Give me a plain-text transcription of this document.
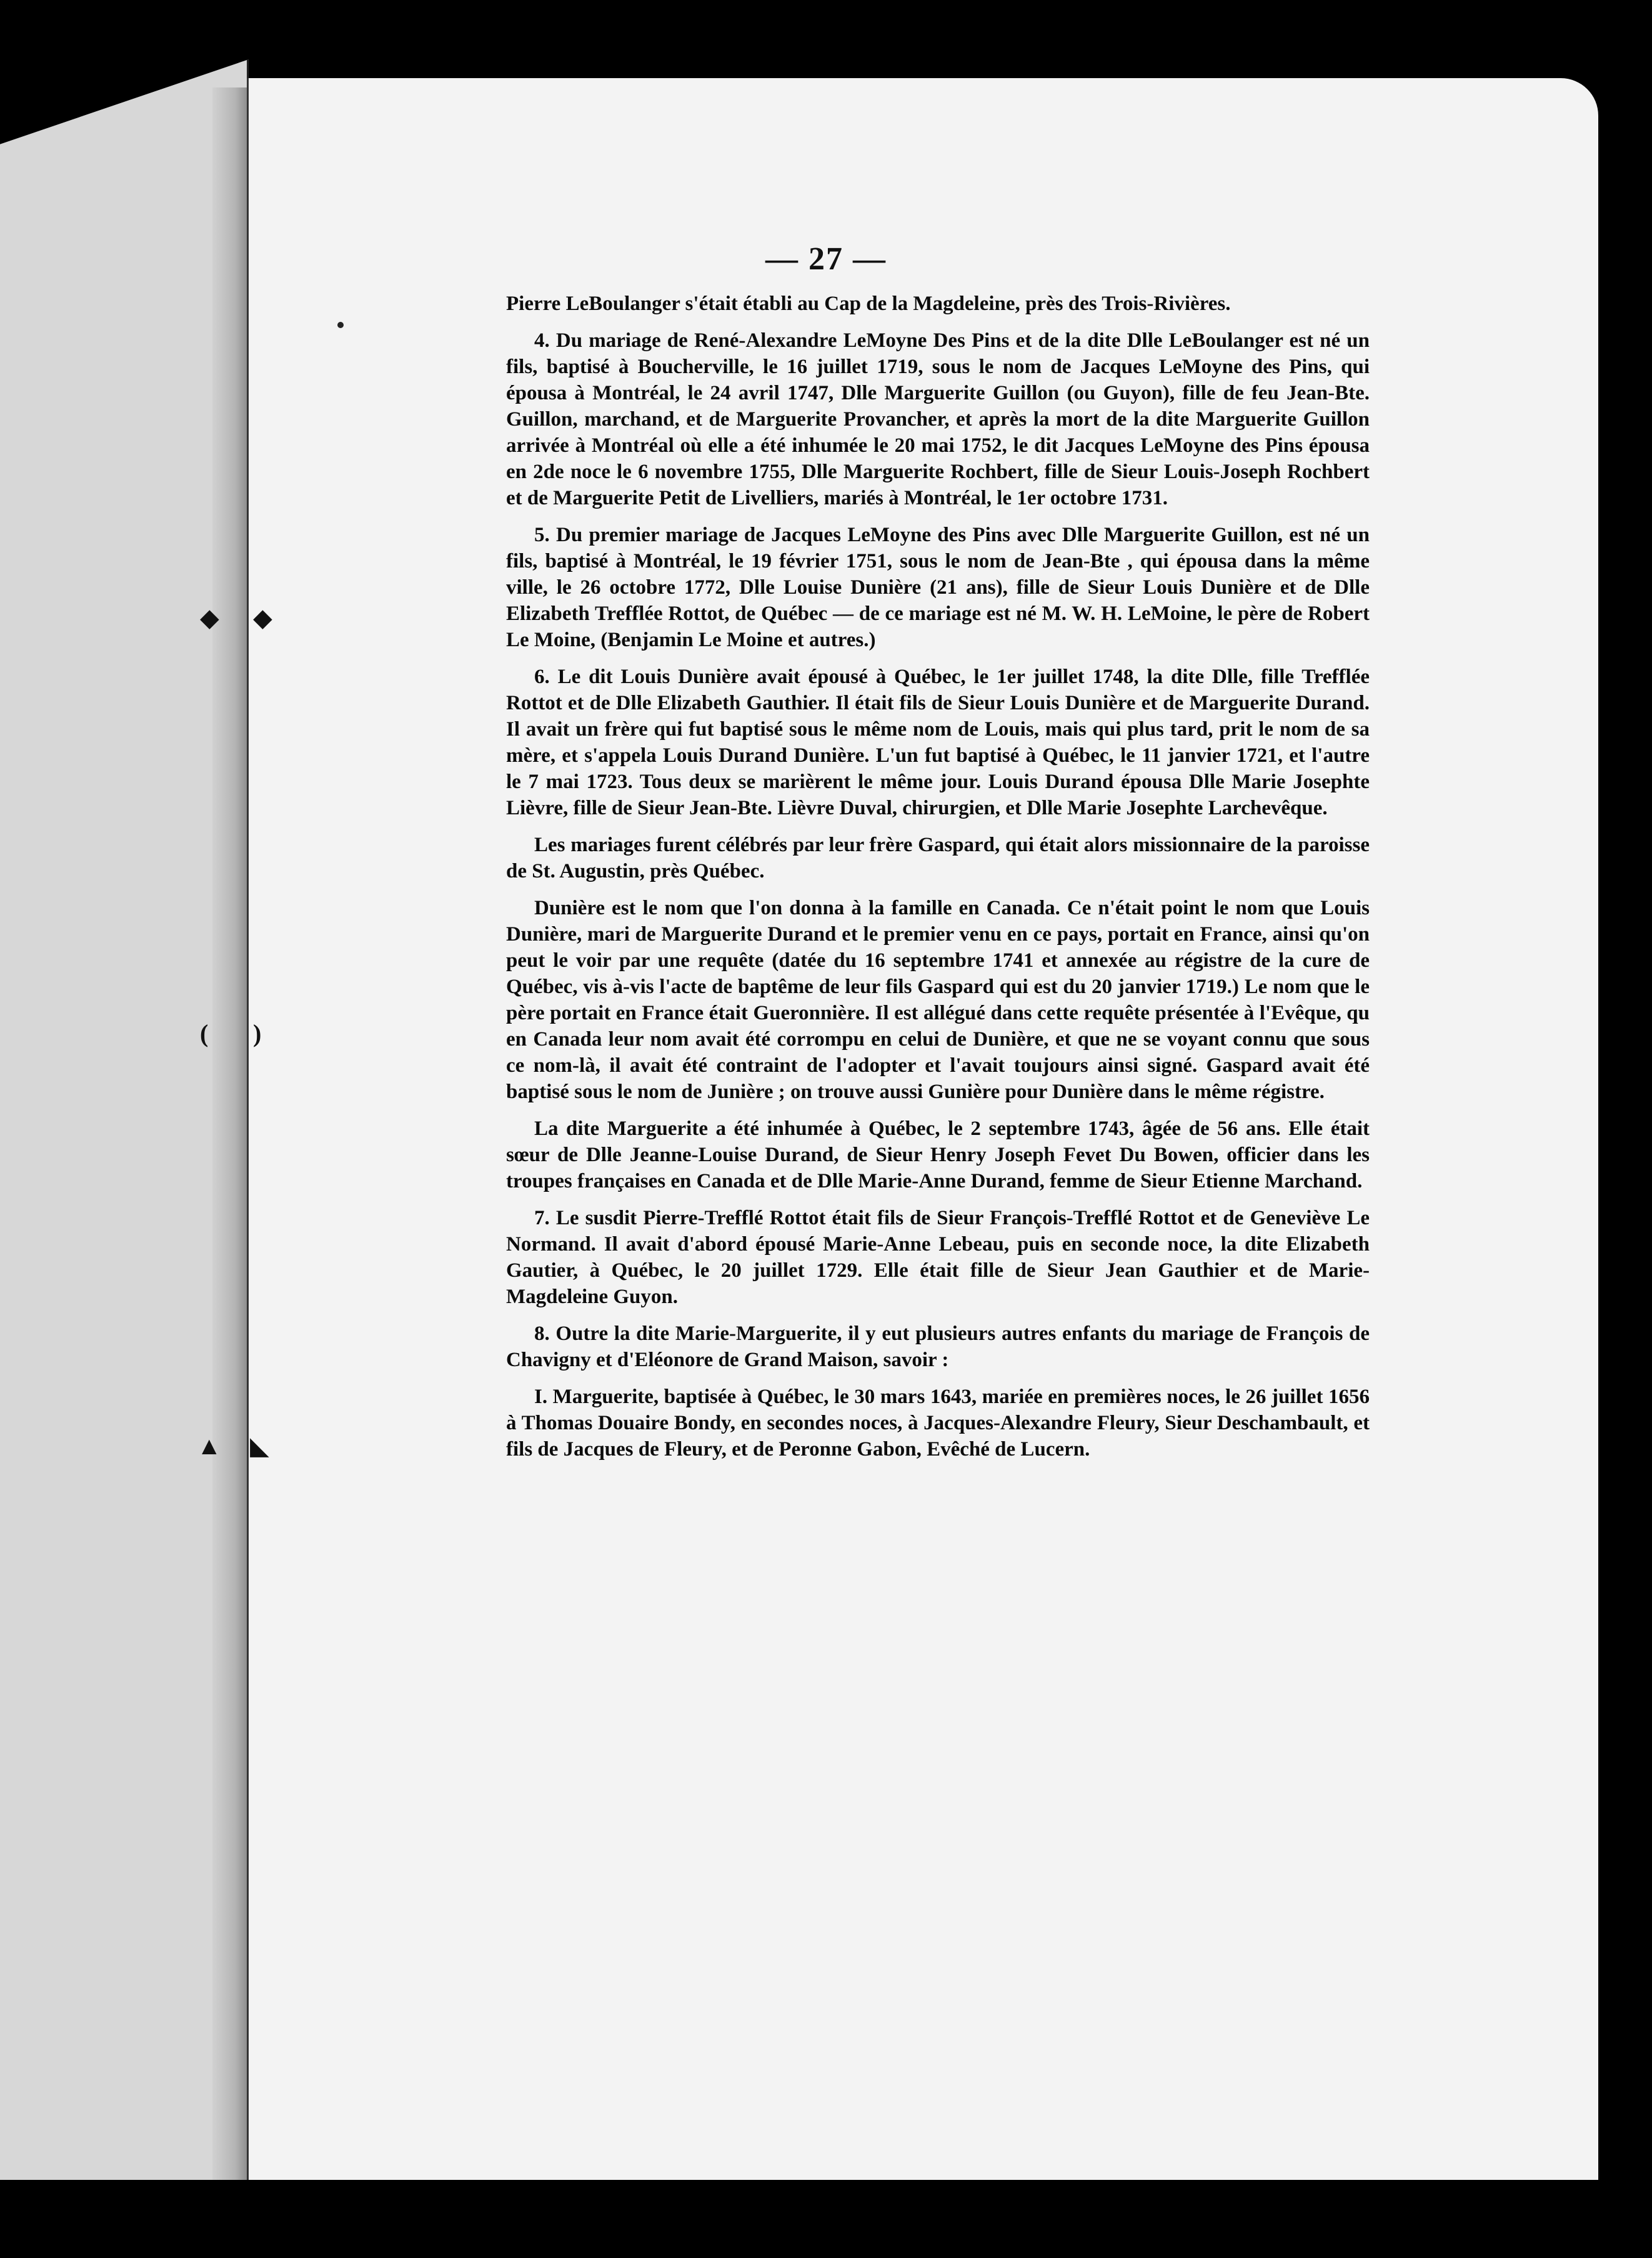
— 27 —

Pierre LeBoulanger s'était établi au Cap de la Magdeleine, près des Trois-Rivières.

4. Du mariage de René-Alexandre LeMoyne Des Pins et de la dite Dlle LeBoulanger est né un fils, baptisé à Boucherville, le 16 juillet 1719, sous le nom de Jacques LeMoyne des Pins, qui épousa à Montréal, le 24 avril 1747, Dlle Marguerite Guillon (ou Guyon), fille de feu Jean-Bte. Guillon, marchand, et de Marguerite Provancher, et après la mort de la dite Marguerite Guillon arrivée à Montréal où elle a été inhumée le 20 mai 1752, le dit Jacques LeMoyne des Pins épousa en 2de noce le 6 novembre 1755, Dlle Marguerite Rochbert, fille de Sieur Louis-Joseph Rochbert et de Marguerite Petit de Livelliers, mariés à Montréal, le 1er octobre 1731.

5. Du premier mariage de Jacques LeMoyne des Pins avec Dlle Marguerite Guillon, est né un fils, baptisé à Montréal, le 19 février 1751, sous le nom de Jean-Bte , qui épousa dans la même ville, le 26 octobre 1772, Dlle Louise Dunière (21 ans), fille de Sieur Louis Dunière et de Dlle Elizabeth Trefflée Rottot, de Québec — de ce mariage est né M. W. H. LeMoine, le père de Robert Le Moine, (Benjamin Le Moine et autres.)

6. Le dit Louis Dunière avait épousé à Québec, le 1er juillet 1748, la dite Dlle, fille Trefflée Rottot et de Dlle Elizabeth Gauthier. Il était fils de Sieur Louis Dunière et de Marguerite Durand. Il avait un frère qui fut baptisé sous le même nom de Louis, mais qui plus tard, prit le nom de sa mère, et s'appela Louis Durand Dunière. L'un fut baptisé à Québec, le 11 janvier 1721, et l'autre le 7 mai 1723. Tous deux se marièrent le même jour. Louis Durand épousa Dlle Marie Josephte Lièvre, fille de Sieur Jean-Bte. Lièvre Duval, chirurgien, et Dlle Marie Josephte Larchevêque.

Les mariages furent célébrés par leur frère Gaspard, qui était alors missionnaire de la paroisse de St. Augustin, près Québec.

Dunière est le nom que l'on donna à la famille en Canada. Ce n'était point le nom que Louis Dunière, mari de Marguerite Durand et le premier venu en ce pays, portait en France, ainsi qu'on peut le voir par une requête (datée du 16 septembre 1741 et annexée au régistre de la cure de Québec, vis à-vis l'acte de baptême de leur fils Gaspard qui est du 20 janvier 1719.) Le nom que le père portait en France était Gueronnière. Il est allégué dans cette requête présentée à l'Evêque, qu en Canada leur nom avait été corrompu en celui de Dunière, et que ne se voyant connu que sous ce nom-là, il avait été contraint de l'adopter et l'avait toujours ainsi signé. Gaspard avait été baptisé sous le nom de Junière ; on trouve aussi Gunière pour Dunière dans le même régistre.

La dite Marguerite a été inhumée à Québec, le 2 septembre 1743, âgée de 56 ans. Elle était sœur de Dlle Jeanne-Louise Durand, de Sieur Henry Joseph Fevet Du Bowen, officier dans les troupes françaises en Canada et de Dlle Marie-Anne Durand, femme de Sieur Etienne Marchand.

7. Le susdit Pierre-Trefflé Rottot était fils de Sieur François-Trefflé Rottot et de Geneviève Le Normand. Il avait d'abord épousé Marie-Anne Lebeau, puis en seconde noce, la dite Elizabeth Gautier, à Québec, le 20 juillet 1729. Elle était fille de Sieur Jean Gauthier et de Marie-Magdeleine Guyon.

8. Outre la dite Marie-Marguerite, il y eut plusieurs autres enfants du mariage de François de Chavigny et d'Eléonore de Grand Maison, savoir :

I. Marguerite, baptisée à Québec, le 30 mars 1643, mariée en premières noces, le 26 juillet 1656 à Thomas Douaire Bondy, en secondes noces, à Jacques-Alexandre Fleury, Sieur Deschambault, et fils de Jacques de Fleury, et de Peronne Gabon, Evêché de Lucern.

◆ ◆
( )
▲ ◣
